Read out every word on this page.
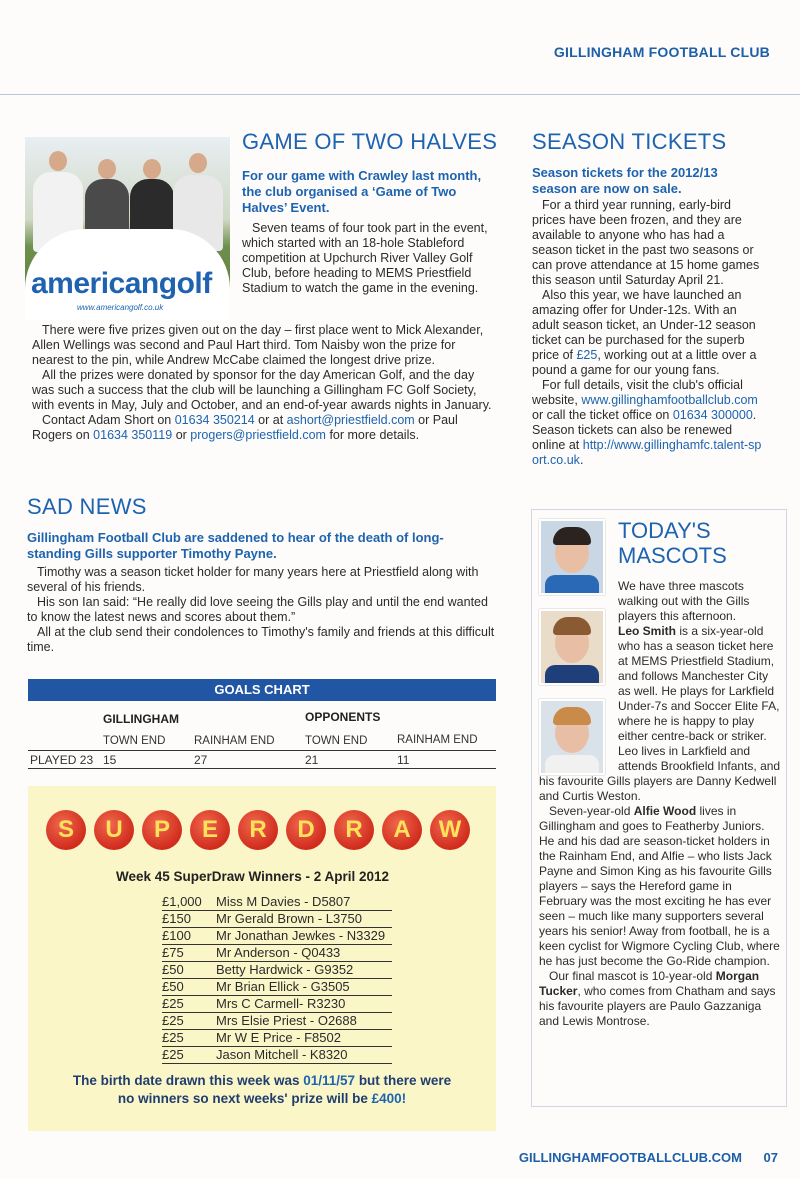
GILLINGHAM FOOTBALL CLUB
americangolf
www.americangolf.co.uk
GAME OF TWO HALVES
For our game with Crawley last month, the club organised a ‘Game of Two Halves’ Event.

Seven teams of four took part in the event, which started with an 18-hole Stableford competition at Upchurch River Valley Golf Club, before heading to MEMS Priestfield Stadium to watch the game in the evening.

There were five prizes given out on the day – first place went to Mick Alexander, Allen Wellings was second and Paul Hart third. Tom Naisby won the prize for nearest to the pin, while Andrew McCabe claimed the longest drive prize.

All the prizes were donated by sponsor for the day American Golf, and the day was such a success that the club will be launching a Gillingham FC Golf Society, with events in May, July and October, and an end-of-year awards nights in January.

Contact Adam Short on 01634 350214 or at ashort@priestfield.com or Paul Rogers on 01634 350119 or progers@priestfield.com for more details.

SEASON TICKETS
Season tickets for the 2012/13 season are now on sale.

For a third year running, early-bird prices have been frozen, and they are available to anyone who has had a season ticket in the past two seasons or can prove attendance at 15 home games this season until Saturday April 21.

Also this year, we have launched an amazing offer for Under-12s. With an adult season ticket, an Under-12 season ticket can be purchased for the superb price of £25, working out at a little over a pound a game for our young fans.

For full details, visit the club's official website, www.gillinghamfootballclub.com or call the ticket office on 01634 300000. Season tickets can also be renewed online at http://www.gillinghamfc.talent-sport.co.uk.

SAD NEWS
Gillingham Football Club are saddened to hear of the death of long-standing Gills supporter Timothy Payne.

Timothy was a season ticket holder for many years here at Priestfield along with several of his friends.

His son Ian said: “He really did love seeing the Gills play and until the end wanted to know the latest news and scores about them.”

All at the club send their condolences to Timothy's family and friends at this difficult time.

GOALS CHART
GILLINGHAM	OPPONENTS
TOWN END RAINHAM END	TOWN END	RAINHAM END
PLAYED 23 15	27	21	11
S	U	P	E	R	D	R	A	W
Week 45 SuperDraw Winners - 2 April 2012
£1,000 Miss M Davies - D5807
£150 Mr Gerald Brown - L3750
£100 Mr Jonathan Jewkes - N3329
£75 Mr Anderson - Q0433
£50 Betty Hardwick - G9352
£50 Mr Brian Ellick - G3505
£25 Mrs C Carmell- R3230
£25 Mrs Elsie Priest - O2688
£25 Mr W E Price - F8502
£25 Jason Mitchell - K8320
The birth date drawn this week was 01/11/57 but there were
no winners so next weeks' prize will be £400!
TODAY'S
MASCOTS

We have three mascots walking out with the Gills players this afternoon.

Leo Smith is a six-year-old who has a season ticket here at MEMS Priestfield Stadium, and follows Manchester City as well. He plays for Larkfield Under-7s and Soccer Elite FA, where he is happy to play either centre-back or striker. Leo lives in Larkfield and attends Brookfield Infants, and his favourite Gills players are Danny Kedwell and Curtis Weston.

Seven-year-old Alfie Wood lives in Gillingham and goes to Featherby Juniors. He and his dad are season-ticket holders in the Rainham End, and Alfie – who lists Jack Payne and Simon King as his favourite Gills players – says the Hereford game in February was the most exciting he has ever seen – much like many supporters several years his senior! Away from football, he is a keen cyclist for Wigmore Cycling Club, where he has just become the Go-Ride champion.

Our final mascot is 10-year-old Morgan Tucker, who comes from Chatham and says his favourite players are Paulo Gazzaniga and Lewis Montrose.

GILLINGHAMFOOTBALLCLUB.COM 07
